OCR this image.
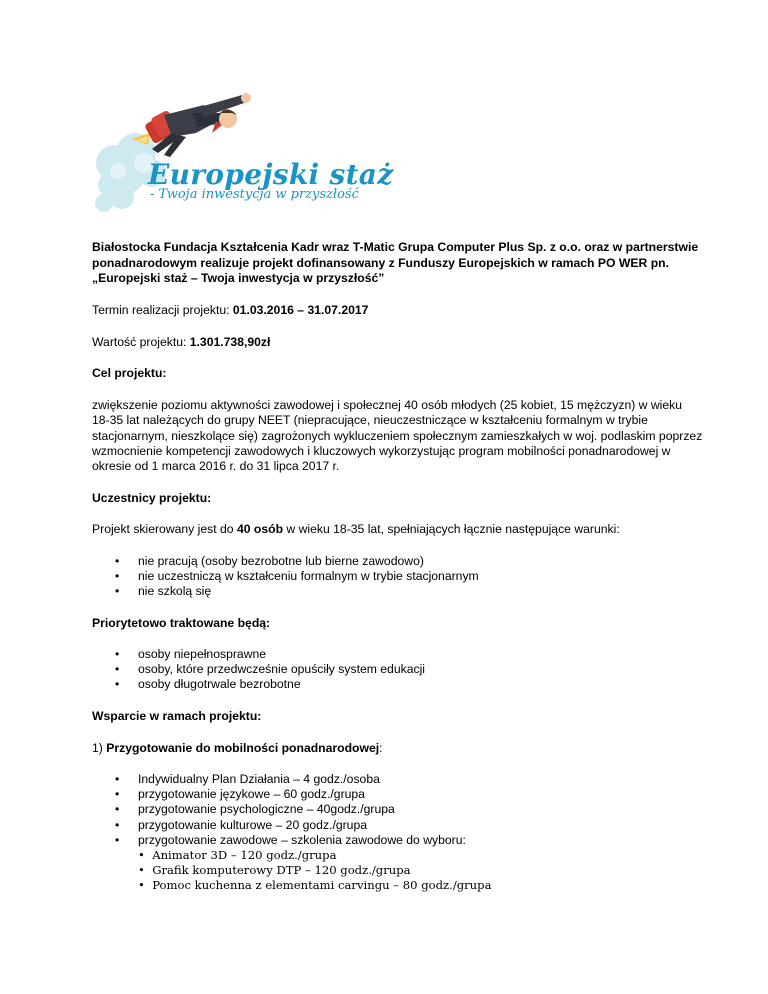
Europejski staż
- Twoja inwestycja w przyszłość
Białostocka Fundacja Kształcenia Kadr wraz T-Matic Grupa Computer Plus Sp. z o.o. oraz w partnerstwie
ponadnarodowym realizuje projekt dofinansowany z Funduszy Europejskich w ramach PO WER pn.
„Europejski staż – Twoja inwestycja w przyszłość”
Termin realizacji projektu: 01.03.2016 – 31.07.2017
Wartość projektu: 1.301.738,90zł
Cel projektu:
zwiększenie poziomu aktywności zawodowej i społecznej 40 osób młodych (25 kobiet, 15 mężczyzn) w wieku
18-35 lat należących do grupy NEET (niepracujące, nieuczestniczące w kształceniu formalnym w trybie
stacjonarnym, nieszkolące się) zagrożonych wykluczeniem społecznym zamieszkałych w woj. podlaskim poprzez
wzmocnienie kompetencji zawodowych i kluczowych wykorzystując program mobilności ponadnarodowej w
okresie od 1 marca 2016 r. do 31 lipca 2017 r.
Uczestnicy projektu:
Projekt skierowany jest do 40 osób w wieku 18-35 lat, spełniających łącznie następujące warunki:
• nie pracują (osoby bezrobotne lub bierne zawodowo)
• nie uczestniczą w kształceniu formalnym w trybie stacjonarnym
• nie szkolą się
Priorytetowo traktowane będą:
• osoby niepełnosprawne
• osoby, które przedwcześnie opuściły system edukacji
• osoby długotrwale bezrobotne
Wsparcie w ramach projektu:
1) Przygotowanie do mobilności ponadnarodowej:
• Indywidualny Plan Działania – 4 godz./osoba
• przygotowanie językowe – 60 godz./grupa
• przygotowanie psychologiczne – 40godz./grupa
• przygotowanie kulturowe – 20 godz./grupa
• przygotowanie zawodowe – szkolenia zawodowe do wyboru:
•  Animator 3D – 120 godz./grupa
•  Grafik komputerowy DTP – 120 godz./grupa
•  Pomoc kuchenna z elementami carvingu – 80 godz./grupa
